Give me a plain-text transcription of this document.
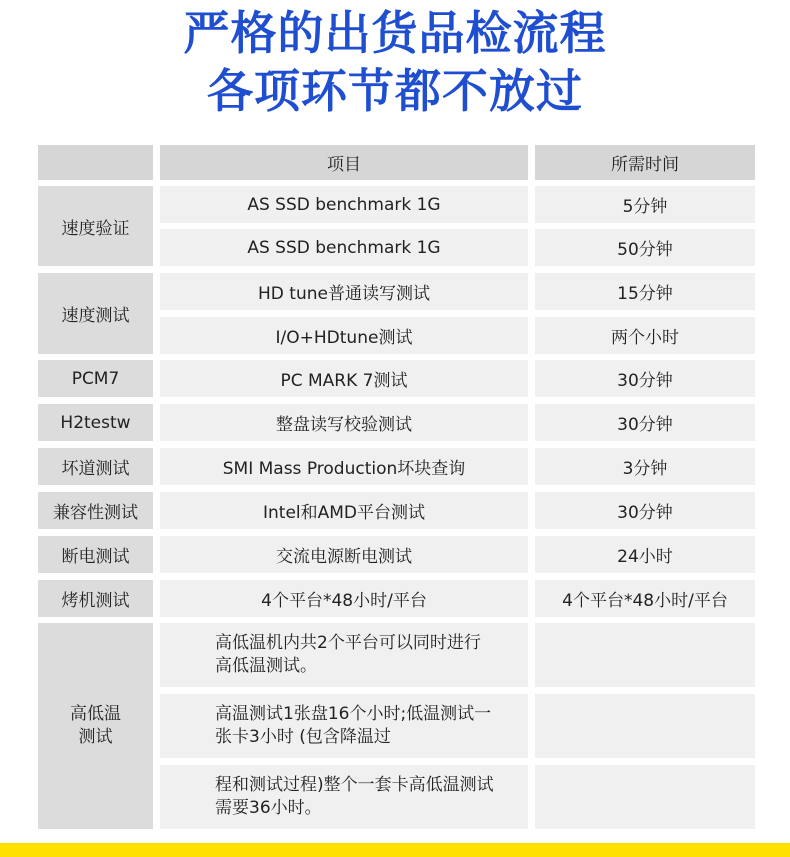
严格的出货品检流程
各项环节都不放过
项目	所需时间
速度验证
速度测试
PCM7
H2testw
坏道测试
兼容性测试
断电测试
烤机测试
高低温
测试
AS SSD benchmark 1G
AS SSD benchmark 1G
HD tune普通读写测试
I/O+HDtune测试
PC MARK 7测试
整盘读写校验测试
SMI Mass Production坏块查询
Intel和AMD平台测试
交流电源断电测试
4个平台*48小时/平台
高低温机内共2个平台可以同时进行
高低温测试。
高温测试1张盘16个小时;低温测试一
张卡3小时 (包含降温过
程和测试过程)整个一套卡高低温测试
需要36小时。
5分钟
50分钟
15分钟
两个小时
30分钟
30分钟
3分钟
30分钟
24小时
4个平台*48小时/平台
